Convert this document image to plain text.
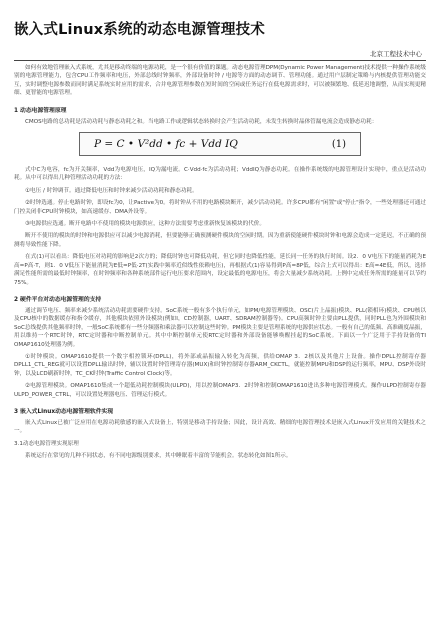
嵌入式Linux系统的动态电源管理技术
北京工程技术中心

如何有效地管理嵌入式系统，尤其是移动终端的电源功耗，是一个很有价值的课题。动态电源管理DPM(Dynamic Power Management)技术提供一种操作系统级别的电源管理能力，包含CPU工作频率和电压，外部总线时钟频率，外部设备时钟 / 电源等方面的动态调节、管理功能。通过用户层制定策略与内核提供管理功能交互，实时调整电源参数而同时满足系统实时应用的需求，合并电源管理参数在短时间的空闲或任务运行在低电源需求时，可以被频繁地、低延迟地调整，从而实现更精细、更智能的电源管理。

1 动态电源管理原理

CMOS电路的总功耗是活动功耗与静态功耗之和。当电路工作或逻辑状态转换时会产生活动功耗，未发生转换时晶体管漏电流会造成静态功耗：

P = C • V²dd • fc + Vdd IQ	(1)

式中C为电容，fc为开关频率，Vdd为电源电压，IQ为漏电流。C·Vdd·fc为活动功耗；VddIQ为静态功耗。在操作系统级的电源管理设计实现中，重点是活动功耗。从中可以得出几种管理活动功耗的方法：

①电压 / 时钟调节。通过降低电压和时钟来减少活动功耗和静态功耗。

②时钟选通。停止电路时钟，即设fc为0，让Pactive为0。将时钟从不用的电路模块断开，减少活动功耗。许多CPU都有"闲置"或"停止"指令，一些处理器还可通过门控关闭非CPU时钟模块，如高速缓存、DMA外设等。

③电源供应选通。断开电路中不使用的模块电源供应，这种方法需要考虑重新恢复该模块的代价。

断开不使用的模块的时钟和电源供应可以减少电源消耗，但要能够正确预测硬件模块的空闲时期。因为重新使能硬件模块时钟和电源会造成一定延迟，不正确的预测将导致性能下降。

在式(1)可以看出：降低电压对功耗的影响是2次方的；降低时钟也可降低功耗，但它同时也降低性能，延长同一任务的执行时间。设2．0 V电压下的能量消耗为E高=P高·T，则1．0 V低压下能量消耗为E低=P低·2T(实践中频率近似线性依赖电压)，再根据式(1)容易得到P高=8P低，综合上式可以得出：E高=4E低，所以，选择满足性能所需的最低时钟频率，在时钟频率和各种系统部件运行电压要求范围内，设定最低的电源电压，将会大量减少系统功耗。上例中完成任务所需的能量可以节约75%。

2 硬件平台对动态电源管理的支持

通过调节电压、频率来减少系统活动功耗需要硬件支持。SoC系统一般有多个执行单元，如PM/电源管理模块、OSC(片上晶振)模块、PLL(锁相环)模块、CPU核以及CPU核中的数据缓存和指令缓存，其他模块依照外设模块(例如I，CD控制器，UART、SDRAM控制器等)。CPU高频时钟主要由PLL提供，同时PLL也为外围模块和SoC总线提供其他频率时钟，一般SoC系统都有一些分频器和乘法器可以控制这些时钟。PM模块主要是管理系统的电源供应状态。一般有自己的低频、高准确度晶振，用以维持一个RTC时钟，RTC定时器和中断控制单元。其中中断控制单元使RTC定时器和外部设备能够唤醒挂起的SoC系统。下面以一个广泛用于手持设备的TI OMAP1610处理器为例。

①时钟模块。OMAP1610提供一个数字相控锁环(DPLL)，将外部或晶振输入转化为高频，供给OMAP 3．2核以及其他片上设备。操作DPLL控制寄存器DPLL1_CTL_REG就可以设置DPLL输出时钟，辅以设置时钟管理寄存器(MUX)和时钟控制寄存器ARM_CKCTL，就能控制MPU和DSP的运行频率，MPU、DSP外设时钟，以及LCD刷新时钟，TC_CK时钟(Traffic Control Clock)等。

②电源管理模块。OMAP1610集成一个超低功耗控制模块(ULPD)，用以控制OMAP3．2时钟和控制OMAP1610进出多种电源管理模式。操作ULPD控制寄存器ULPD_POWER_CTRL，可以设置处理器电压、管理运行模式。

3 嵌入式Linux动态电源管理软件实现

嵌入式Linux已被广泛应用在电源功耗敏感的嵌入式设备上，特别是移动手持设备；因此，设计高效、精细的电源管理技术是嵌入式Linux开发应用的关键技术之一。

3.1动态电源管理实现原理

系统运行在常见的几种不同状态，有不同电源级别要求，其中睡眠着丰富的节能机会。状态转化如图1所示。
